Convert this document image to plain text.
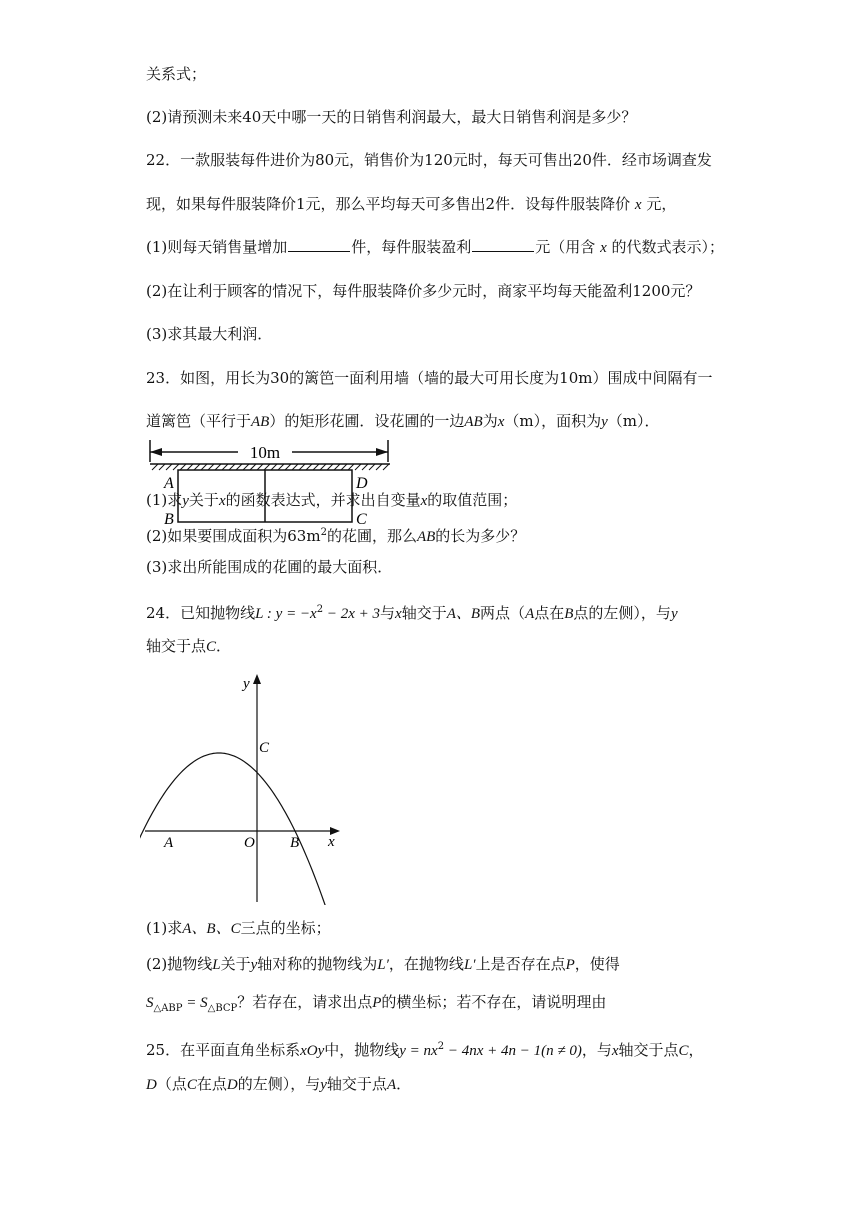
关系式；
(2)请预测未来40天中哪一天的日销售利润最大，最大日销售利润是多少？
22．一款服装每件进价为80元，销售价为120元时，每天可售出20件．经市场调查发
现，如果每件服装降价1元，那么平均每天可多售出2件．设每件服装降价 x 元，
(1)则每天销售量增加	件，每件服装盈利	元（用含 x 的代数式表示）；
(2)在让利于顾客的情况下，每件服装降价多少元时，商家平均每天能盈利1200元？
(3)求其最大利润．
23．如图，用长为30的篱笆一面利用墙（墙的最大可用长度为10m）围成中间隔有一
道篱笆（平行于AB）的矩形花圃．设花圃的一边AB为x（m），面积为y（m）．
10m
A
B
D
C
(1)求y关于x的函数表达式，并求出自变量x的取值范围；
(2)如果要围成面积为$63m^2$的花圃，那么AB的长为多少？
(3)求出所能围成的花圃的最大面积．
24．已知抛物线L : $y = -x^2 - 2x + 3$与x轴交于A、B两点（A点在B点的左侧），与y
轴交于点C．
y
x
C
A	O B
(1)求A、B、C三点的坐标；
(2)抛物线L关于y轴对称的抛物线为L′，在抛物线L′上是否存在点P，使得
$S_{\triangle ABP} = S_{\triangle BCP}$？若存在，请求出点P的横坐标；若不存在，请说明理由
25．在平面直角坐标系xOy中，抛物线$y = nx^2 - 4nx + 4n - 1(n \ne 0)$，与x轴交于点C，
D（点C在点D的左侧），与y轴交于点A．
